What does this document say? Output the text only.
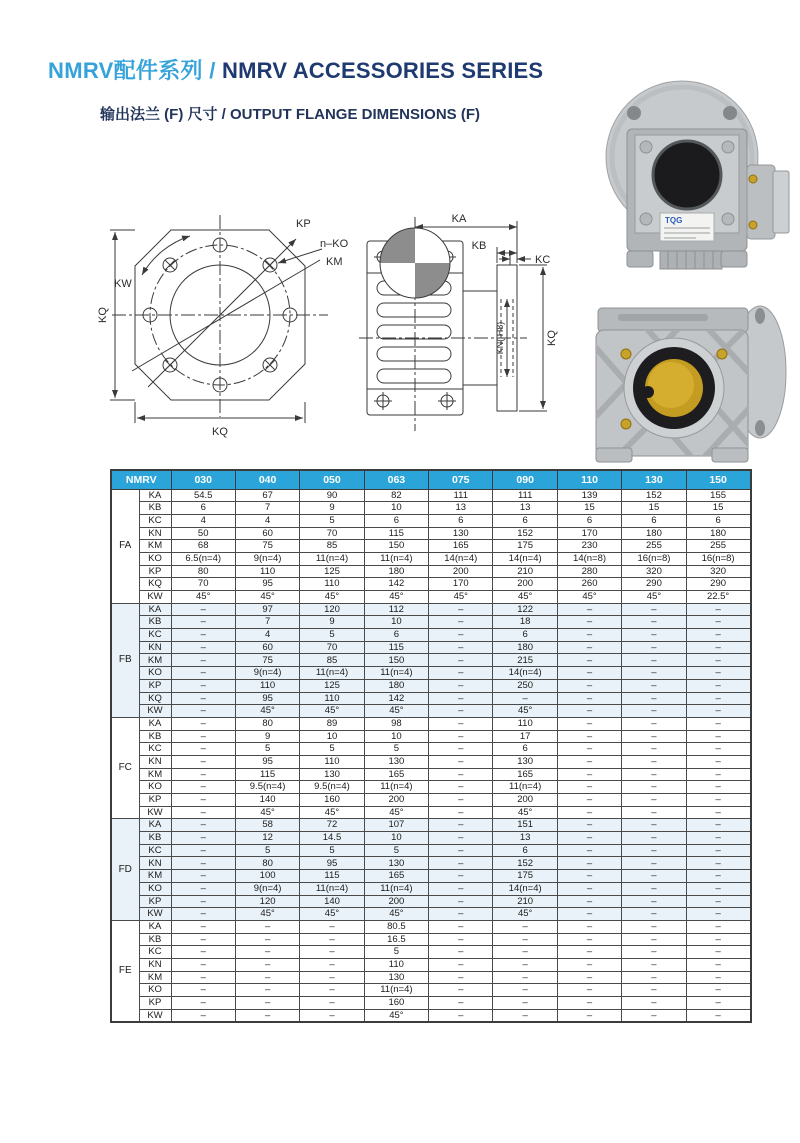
NMRV配件系列 / NMRV ACCESSORIES SERIES
输出法兰 (F) 尺寸 / OUTPUT FLANGE DIMENSIONS (F)
KP
n–KO
KM
KW
KQ
KQ
KA
KB
KC
KN( H8)	KQ
TQG
NMRV		030	040	050	063	075	090	110	130	150
FA	KA	54.5	67	90	82	111	111	139	152	155
	KB	6	7	9	10	13	13	15	15	15
	KC	4	4	5	6	6	6	6	6	6
	KN	50	60	70	115	130	152	170	180	180
	KM	68	75	85	150	165	175	230	255	255
	KO	6.5(n=4)	9(n=4)	11(n=4)	11(n=4)	14(n=4)	14(n=4)	14(n=8)	16(n=8)	16(n=8)
	KP	80	110	125	180	200	210	280	320	320
	KQ	70	95	110	142	170	200	260	290	290
	KW	45°	45°	45°	45°	45°	45°	45°	45°	22.5°
FB	KA	–	97	120	112	–	122	–	–	–
	KB	–	7	9	10	–	18	–	–	–
	KC	–	4	5	6	–	6	–	–	–
	KN	–	60	70	115	–	180	–	–	–
	KM	–	75	85	150	–	215	–	–	–
	KO	–	9(n=4)	11(n=4)	11(n=4)	–	14(n=4)	–	–	–
	KP	–	110	125	180	–	250	–	–	–
	KQ	–	95	110	142	–	–	–	–	–
	KW	–	45°	45°	45°	–	45°	–	–	–
FC	KA	–	80	89	98	–	110	–	–	–
	KB	–	9	10	10	–	17	–	–	–
	KC	–	5	5	5	–	6	–	–	–
	KN	–	95	110	130	–	130	–	–	–
	KM	–	115	130	165	–	165	–	–	–
	KO	–	9.5(n=4)	9.5(n=4)	11(n=4)	–	11(n=4)	–	–	–
	KP	–	140	160	200	–	200	–	–	–
	KW	–	45°	45°	45°	–	45°	–	–	–
FD	KA	–	58	72	107	–	151	–	–	–
	KB	–	12	14.5	10	–	13	–	–	–
	KC	–	5	5	5	–	6	–	–	–
	KN	–	80	95	130	–	152	–	–	–
	KM	–	100	115	165	–	175	–	–	–
	KO	–	9(n=4)	11(n=4)	11(n=4)	–	14(n=4)	–	–	–
	KP	–	120	140	200	–	210	–	–	–
	KW	–	45°	45°	45°	–	45°	–	–	–
FE	KA	–	–	–	80.5	–	–	–	–	–
	KB	–	–	–	16.5	–	–	–	–	–
	KC	–	–	–	5	–	–	–	–	–
	KN	–	–	–	110	–	–	–	–	–
	KM	–	–	–	130	–	–	–	–	–
	KO	–	–	–	11(n=4)	–	–	–	–	–
	KP	–	–	–	160	–	–	–	–	–
	KW	–	–	–	45°	–	–	–	–	–
